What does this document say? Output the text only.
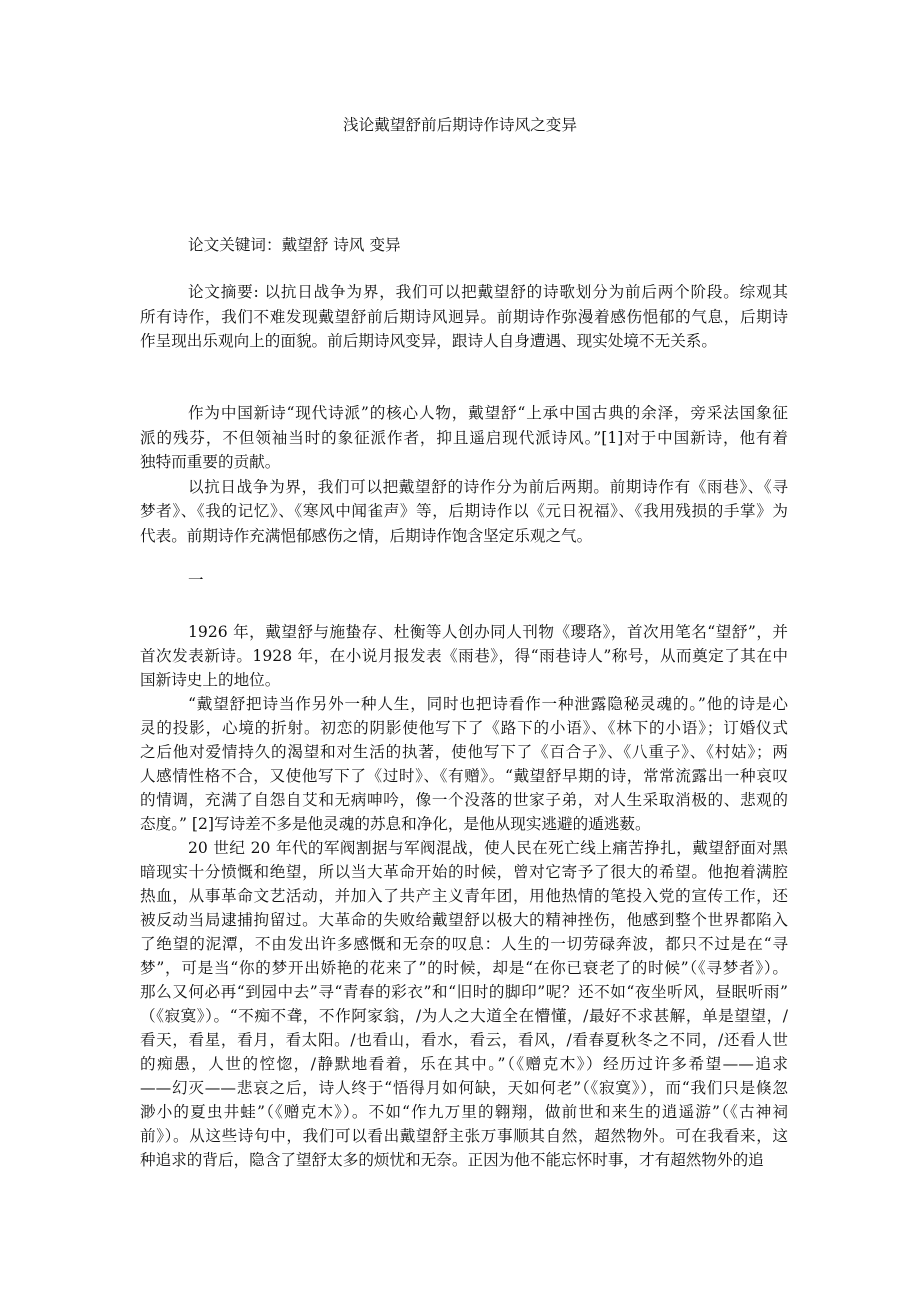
浅论戴望舒前后期诗作诗风之变异
论文关键词：戴望舒 诗风 变异
论文摘要: 以抗日战争为界，我们可以把戴望舒的诗歌划分为前后两个阶段。综观其
所有诗作，我们不难发现戴望舒前后期诗风迥异。前期诗作弥漫着感伤悒郁的气息，后期诗
作呈现出乐观向上的面貌。前后期诗风变异，跟诗人自身遭遇、现实处境不无关系。
作为中国新诗“现代诗派”的核心人物，戴望舒“上承中国古典的余泽，旁采法国象征
派的残芬，不但领袖当时的象征派作者，抑且遥启现代派诗风。”[1]对于中国新诗，他有着
独特而重要的贡献。
以抗日战争为界，我们可以把戴望舒的诗作分为前后两期。前期诗作有《雨巷》、《寻
梦者》、《我的记忆》、《寒风中闻雀声》等，后期诗作以《元日祝福》、《我用残损的手掌》为
代表。前期诗作充满悒郁感伤之情，后期诗作饱含坚定乐观之气。
一
1926 年，戴望舒与施蛰存、杜衡等人创办同人刊物《璎珞》，首次用笔名“望舒”，并
首次发表新诗。1928 年，在小说月报发表《雨巷》，得“雨巷诗人”称号，从而奠定了其在中
国新诗史上的地位。
“戴望舒把诗当作另外一种人生，同时也把诗看作一种泄露隐秘灵魂的。”他的诗是心
灵的投影，心境的折射。初恋的阴影使他写下了《路下的小语》、《林下的小语》；订婚仪式
之后他对爱情持久的渴望和对生活的执著，使他写下了《百合子》、《八重子》、《村姑》；两
人感情性格不合，又使他写下了《过时》、《有赠》。“戴望舒早期的诗，常常流露出一种哀叹
的情调，充满了自怨自艾和无病呻吟，像一个没落的世家子弟，对人生采取消极的、悲观的
态度。” [2]写诗差不多是他灵魂的苏息和净化，是他从现实逃避的遁逃薮。
20 世纪 20 年代的军阀割据与军阀混战，使人民在死亡线上痛苦挣扎，戴望舒面对黑
暗现实十分愤慨和绝望，所以当大革命开始的时候，曾对它寄予了很大的希望。他抱着满腔
热血，从事革命文艺活动，并加入了共产主义青年团，用他热情的笔投入党的宣传工作，还
被反动当局逮捕拘留过。大革命的失败给戴望舒以极大的精神挫伤，他感到整个世界都陷入
了绝望的泥潭，不由发出许多感慨和无奈的叹息：人生的一切劳碌奔波，都只不过是在“寻
梦”，可是当“你的梦开出娇艳的花来了”的时候，却是“在你已衰老了的时候”（《寻梦者》）。
那么又何必再“到园中去”寻“青春的彩衣”和“旧时的脚印”呢？还不如“夜坐听风，昼眠听雨”
（《寂寞》）。“不痴不聋，不作阿家翁，/为人之大道全在懵懂，/最好不求甚解，单是望望，/
看天，看星，看月，看太阳。/也看山，看水，看云，看风，/看春夏秋冬之不同，/还看人世
的痴愚，人世的悾惚，/静默地看着，乐在其中。”（《赠克木》）经历过许多希望——追求
——幻灭——悲哀之后，诗人终于“悟得月如何缺，天如何老”（《寂寞》），而“我们只是倏忽
渺小的夏虫井蛙”（《赠克木》）。不如“作九万里的翱翔，做前世和来生的逍遥游”（《古神祠
前》）。从这些诗句中，我们可以看出戴望舒主张万事顺其自然，超然物外。可在我看来，这
种追求的背后，隐含了望舒太多的烦忧和无奈。正因为他不能忘怀时事，才有超然物外的追
